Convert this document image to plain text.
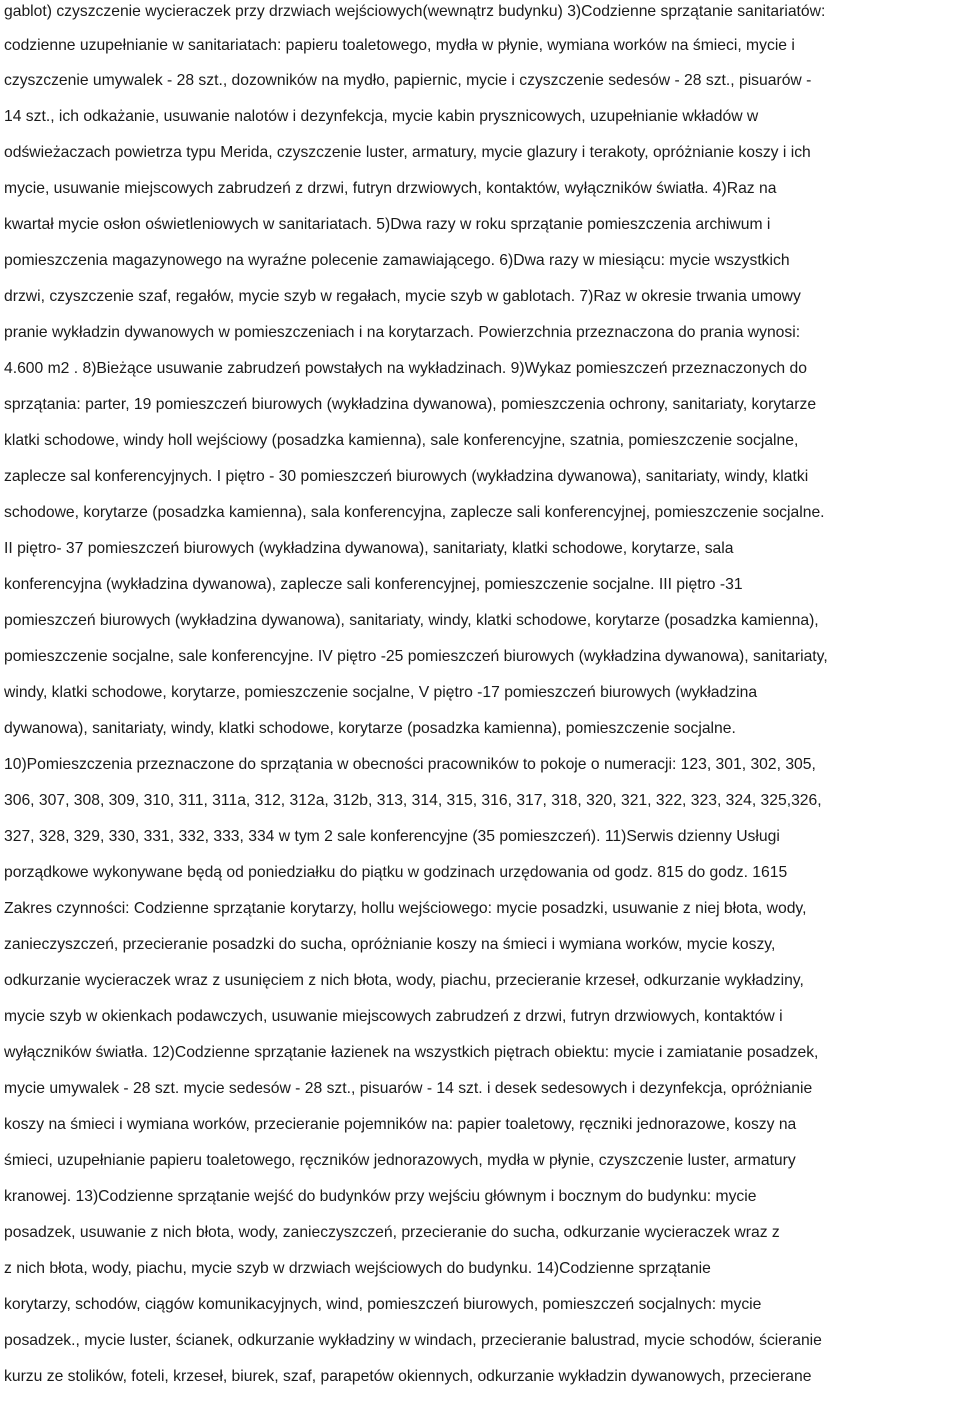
gablot) czyszczenie wycieraczek przy drzwiach wejściowych(wewnątrz budynku) 3)Codzienne sprzątanie sanitariatów:
codzienne uzupełnianie w sanitariatach: papieru toaletowego, mydła w płynie, wymiana worków na śmieci, mycie i
czyszczenie umywalek - 28 szt., dozowników na mydło, papiernic, mycie i czyszczenie sedesów - 28 szt., pisuarów -
14 szt., ich odkażanie, usuwanie nalotów i dezynfekcja, mycie kabin prysznicowych, uzupełnianie wkładów w
odświeżaczach powietrza typu Merida, czyszczenie luster, armatury, mycie glazury i terakoty, opróżnianie koszy i ich
mycie, usuwanie miejscowych zabrudzeń z drzwi, futryn drzwiowych, kontaktów, wyłączników światła. 4)Raz na
kwartał mycie osłon oświetleniowych w sanitariatach. 5)Dwa razy w roku sprzątanie pomieszczenia archiwum i
pomieszczenia magazynowego na wyraźne polecenie zamawiającego. 6)Dwa razy w miesiącu: mycie wszystkich
drzwi, czyszczenie szaf, regałów, mycie szyb w regałach, mycie szyb w gablotach. 7)Raz w okresie trwania umowy
pranie wykładzin dywanowych w pomieszczeniach i na korytarzach. Powierzchnia przeznaczona do prania wynosi:
4.600 m2 . 8)Bieżące usuwanie zabrudzeń powstałych na wykładzinach. 9)Wykaz pomieszczeń przeznaczonych do
sprzątania: parter, 19 pomieszczeń biurowych (wykładzina dywanowa), pomieszczenia ochrony, sanitariaty, korytarze
klatki schodowe, windy holl wejściowy (posadzka kamienna), sale konferencyjne, szatnia, pomieszczenie socjalne,
zaplecze sal konferencyjnych. I piętro - 30 pomieszczeń biurowych (wykładzina dywanowa), sanitariaty, windy, klatki
schodowe, korytarze (posadzka kamienna), sala konferencyjna, zaplecze sali konferencyjnej, pomieszczenie socjalne.
II piętro- 37 pomieszczeń biurowych (wykładzina dywanowa), sanitariaty, klatki schodowe, korytarze, sala
konferencyjna (wykładzina dywanowa), zaplecze sali konferencyjnej, pomieszczenie socjalne. III piętro -31
pomieszczeń biurowych (wykładzina dywanowa), sanitariaty, windy, klatki schodowe, korytarze (posadzka kamienna),
pomieszczenie socjalne, sale konferencyjne. IV piętro -25 pomieszczeń biurowych (wykładzina dywanowa), sanitariaty,
windy, klatki schodowe, korytarze, pomieszczenie socjalne, V piętro -17 pomieszczeń biurowych (wykładzina
dywanowa), sanitariaty, windy, klatki schodowe, korytarze (posadzka kamienna), pomieszczenie socjalne.
10)Pomieszczenia przeznaczone do sprzątania w obecności pracowników to pokoje o numeracji: 123, 301, 302, 305,
306, 307, 308, 309, 310, 311, 311a, 312, 312a, 312b, 313, 314, 315, 316, 317, 318, 320, 321, 322, 323, 324, 325,326,
327, 328, 329, 330, 331, 332, 333, 334 w tym 2 sale konferencyjne (35 pomieszczeń). 11)Serwis dzienny Usługi
porządkowe wykonywane będą od poniedziałku do piątku w godzinach urzędowania od godz. 815 do godz. 1615
Zakres czynności: Codzienne sprzątanie korytarzy, hollu wejściowego: mycie posadzki, usuwanie z niej błota, wody,
zanieczyszczeń, przecieranie posadzki do sucha, opróżnianie koszy na śmieci i wymiana worków, mycie koszy,
odkurzanie wycieraczek wraz z usunięciem z nich błota, wody, piachu, przecieranie krzeseł, odkurzanie wykładziny,
mycie szyb w okienkach podawczych, usuwanie miejscowych zabrudzeń z drzwi, futryn drzwiowych, kontaktów i
wyłączników światła. 12)Codzienne sprzątanie łazienek na wszystkich piętrach obiektu: mycie i zamiatanie posadzek,
mycie umywalek - 28 szt. mycie sedesów - 28 szt., pisuarów - 14 szt. i desek sedesowych i dezynfekcja, opróżnianie
koszy na śmieci i wymiana worków, przecieranie pojemników na: papier toaletowy, ręczniki jednorazowe, koszy na
śmieci, uzupełnianie papieru toaletowego, ręczników jednorazowych, mydła w płynie, czyszczenie luster, armatury
kranowej. 13)Codzienne sprzątanie wejść do budynków przy wejściu głównym i bocznym do budynku: mycie
posadzek, usuwanie z nich błota, wody, zanieczyszczeń, przecieranie do sucha, odkurzanie wycieraczek wraz z
z nich błota, wody, piachu, mycie szyb w drzwiach wejściowych do budynku. 14)Codzienne sprzątanie
korytarzy, schodów, ciągów komunikacyjnych, wind, pomieszczeń biurowych, pomieszczeń socjalnych: mycie
posadzek., mycie luster, ścianek, odkurzanie wykładziny w windach, przecieranie balustrad, mycie schodów, ścieranie
kurzu ze stolików, foteli, krzeseł, biurek, szaf, parapetów okiennych, odkurzanie wykładzin dywanowych, przecierane
